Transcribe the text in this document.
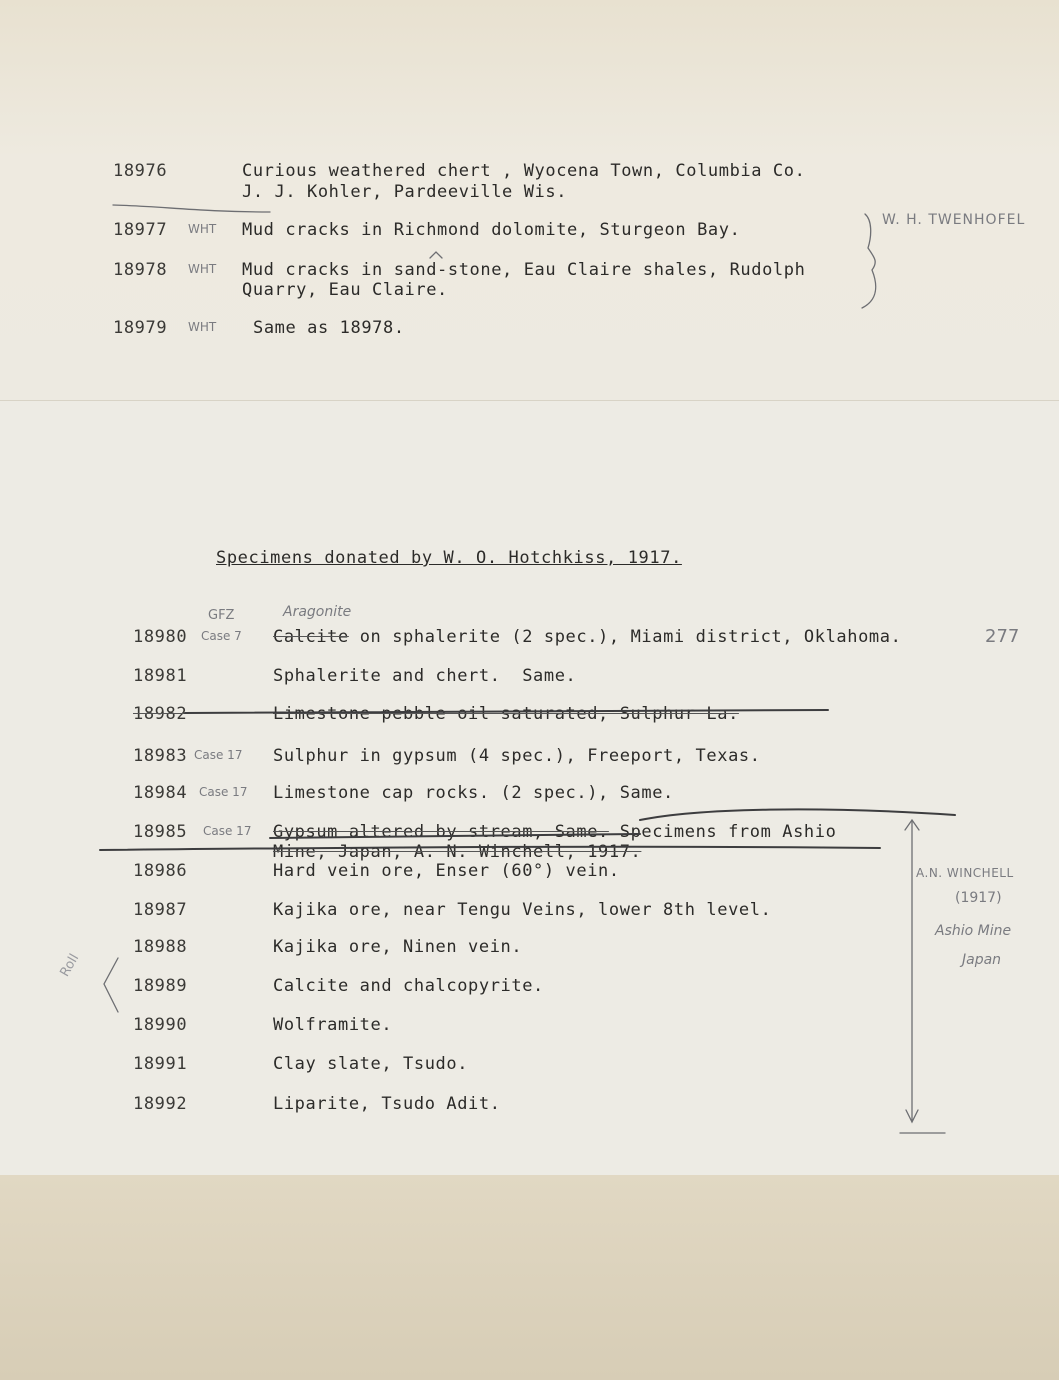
18976	Curious weathered chert , Wyocena Town, Columbia Co.
J. J. Kohler, Pardeeville Wis.
18977 WHT Mud cracks in Richmond dolomite, Sturgeon Bay.
18978 WHT Mud cracks in sand-stone, Eau Claire shales, Rudolph
Quarry, Eau Claire.
18979 WHT Same as 18978.
W. H. TWENHOFEL
Specimens donated by W. O. Hotchkiss, 1917.
GFZ	Aragonite
18980 Case 7 Calcite on sphalerite (2 spec.), Miami district, Oklahoma.	277
18981	Sphalerite and chert.  Same.
18982	Limestone pebble oil saturated, Sulphur La.
18983 Case 17 Sulphur in gypsum (4 spec.), Freeport, Texas.
18984 Case 17 Limestone cap rocks. (2 spec.), Same.
18985 Case 17 Gypsum altered by stream, Same. Specimens from Ashio
Mine, Japan, A. N. Winchell, 1917.
18986	Hard vein ore, Enser (60°) vein.
18987	Kajika ore, near Tengu Veins, lower 8th level.
18988	Kajika ore, Ninen vein.
18989	Calcite and chalcopyrite.
18990	Wolframite.
18991	Clay slate, Tsudo.
18992	Liparite, Tsudo Adit.
A.N. WINCHELL
(1917)
Ashio Mine
Japan
Roll
